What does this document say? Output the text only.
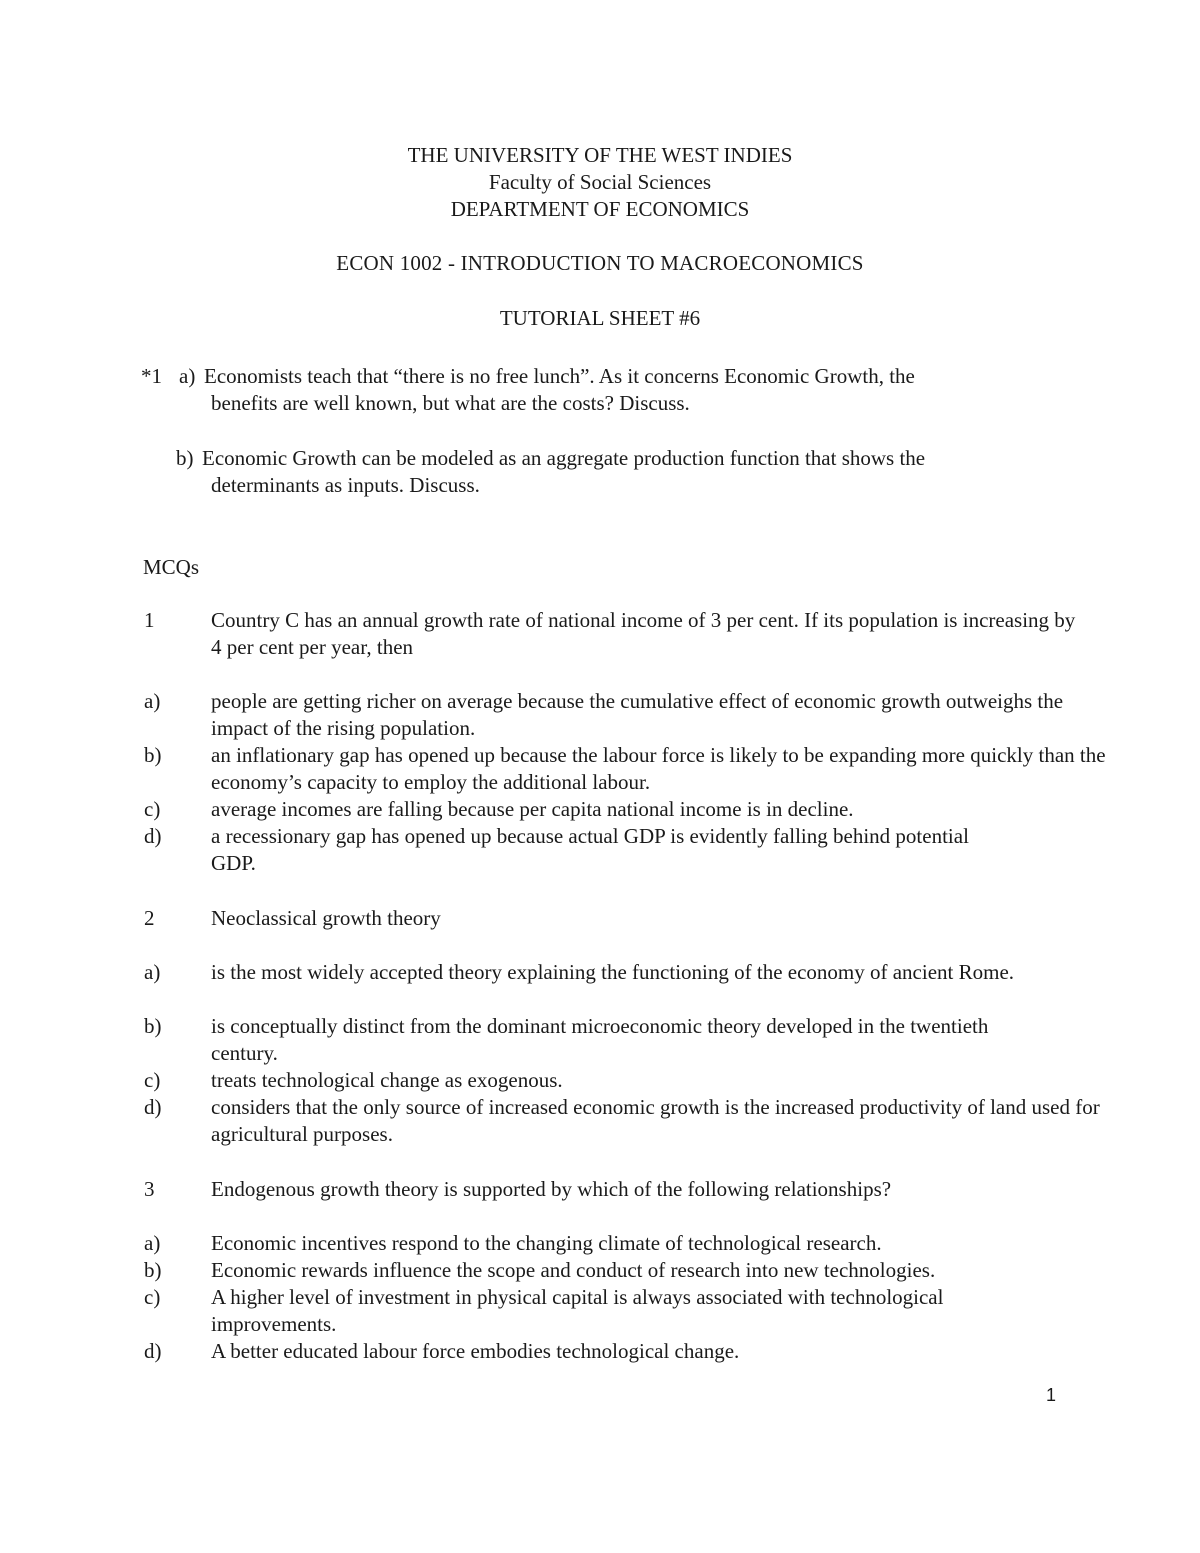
THE UNIVERSITY OF THE WEST INDIES
Faculty of Social Sciences
DEPARTMENT OF ECONOMICS
ECON 1002 - INTRODUCTION TO MACROECONOMICS
TUTORIAL SHEET #6
*1 a) Economists teach that “there is no free lunch”. As it concerns Economic Growth, the
benefits are well known, but what are the costs? Discuss.
b) Economic Growth can be modeled as an aggregate production function that shows the
determinants as inputs. Discuss.
MCQs
1	Country C has an annual growth rate of national income of 3 per cent. If its population is increasing by 4 per cent per year, then
a) people are getting richer on average because the cumulative effect of economic growth outweighs the impact of the rising population.
b) an inflationary gap has opened up because the labour force is likely to be expanding more quickly than the economy’s capacity to employ the additional labour.
c) average incomes are falling because per capita national income is in decline.
d) a recessionary gap has opened up because actual GDP is evidently falling behind potential GDP.
2	Neoclassical growth theory
a) is the most widely accepted theory explaining the functioning of the economy of ancient Rome.
b) is conceptually distinct from the dominant microeconomic theory developed in the twentieth century.
c) treats technological change as exogenous.
d) considers that the only source of increased economic growth is the increased productivity of land used for agricultural purposes.
3	Endogenous growth theory is supported by which of the following relationships?
a) Economic incentives respond to the changing climate of technological research.
b) Economic rewards influence the scope and conduct of research into new technologies.
c) A higher level of investment in physical capital is always associated with technological improvements.
d) A better educated labour force embodies technological change.
1
